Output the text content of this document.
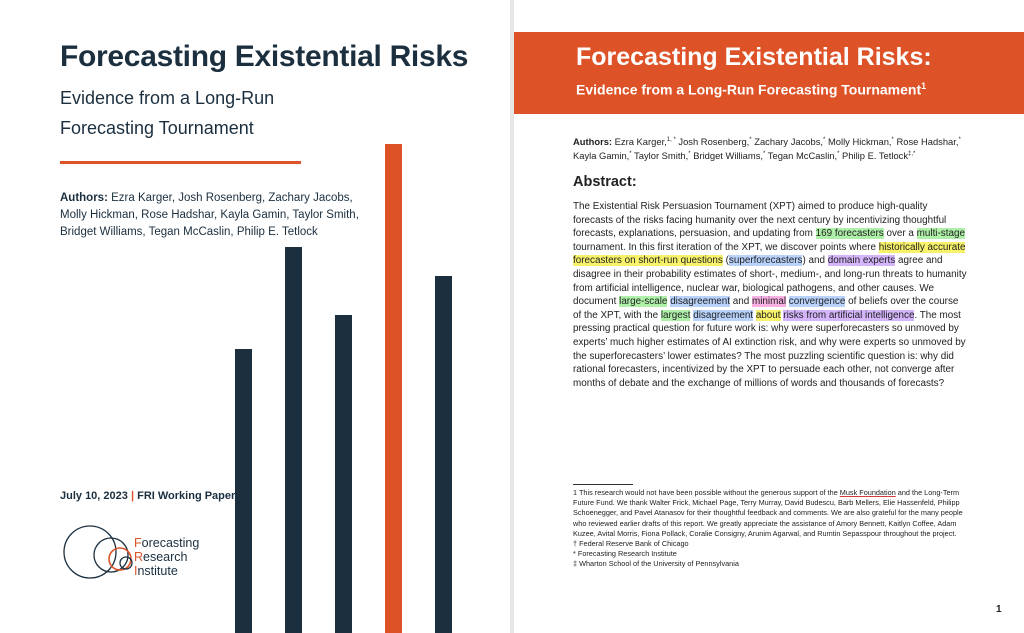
Forecasting Existential Risks
Evidence from a Long-Run
Forecasting Tournament
Authors: Ezra Karger, Josh Rosenberg, Zachary Jacobs, Molly Hickman, Rose Hadshar, Kayla Gamin, Taylor Smith, Bridget Williams, Tegan McCaslin, Philip E. Tetlock
July 10, 2023 | FRI Working Paper #1
Forecasting
Research
Institute
Forecasting Existential Risks:
Evidence from a Long-Run Forecasting Tournament$^1$
Authors: Ezra Karger,$^{1, *}$ Josh Rosenberg,* Zachary Jacobs,* Molly Hickman,* Rose Hadshar,* Kayla Gamin,* Taylor Smith,* Bridget Williams,* Tegan McCaslin,* Philip E. Tetlock‡,*
Abstract:
The Existential Risk Persuasion Tournament (XPT) aimed to produce high-quality forecasts of the risks facing humanity over the next century by incentivizing thoughtful forecasts, explanations, persuasion, and updating from 169 forecasters over a multi-stage tournament. In this first iteration of the XPT, we discover points where historically accurate forecasters on short-run questions (superforecasters) and domain experts agree and disagree in their probability estimates of short-, medium-, and long-run threats to humanity from artificial intelligence, nuclear war, biological pathogens, and other causes. We document large-scale disagreement and minimal convergence of beliefs over the course of the XPT, with the largest disagreement about risks from artificial intelligence. The most pressing practical question for future work is: why were superforecasters so unmoved by experts’ much higher estimates of AI extinction risk, and why were experts so unmoved by the superforecasters’ lower estimates? The most puzzling scientific question is: why did rational forecasters, incentivized by the XPT to persuade each other, not converge after months of debate and the exchange of millions of words and thousands of forecasts?
1 This research would not have been possible without the generous support of the Musk Foundation and the Long-Term Future Fund. We thank Walter Frick, Michael Page, Terry Murray, David Budescu, Barb Mellers, Elie Hassenfeld, Philipp Schoenegger, and Pavel Atanasov for their thoughtful feedback and comments. We are also grateful for the many people who reviewed earlier drafts of this report. We greatly appreciate the assistance of Amory Bennett, Kaitlyn Coffee, Adam Kuzee, Avital Morris, Fiona Pollack, Coralie Consigny, Arunim Agarwal, and Rumtin Sepasspour throughout the project.
† Federal Reserve Bank of Chicago
* Forecasting Research Institute
‡ Wharton School of the University of Pennsylvania
1
